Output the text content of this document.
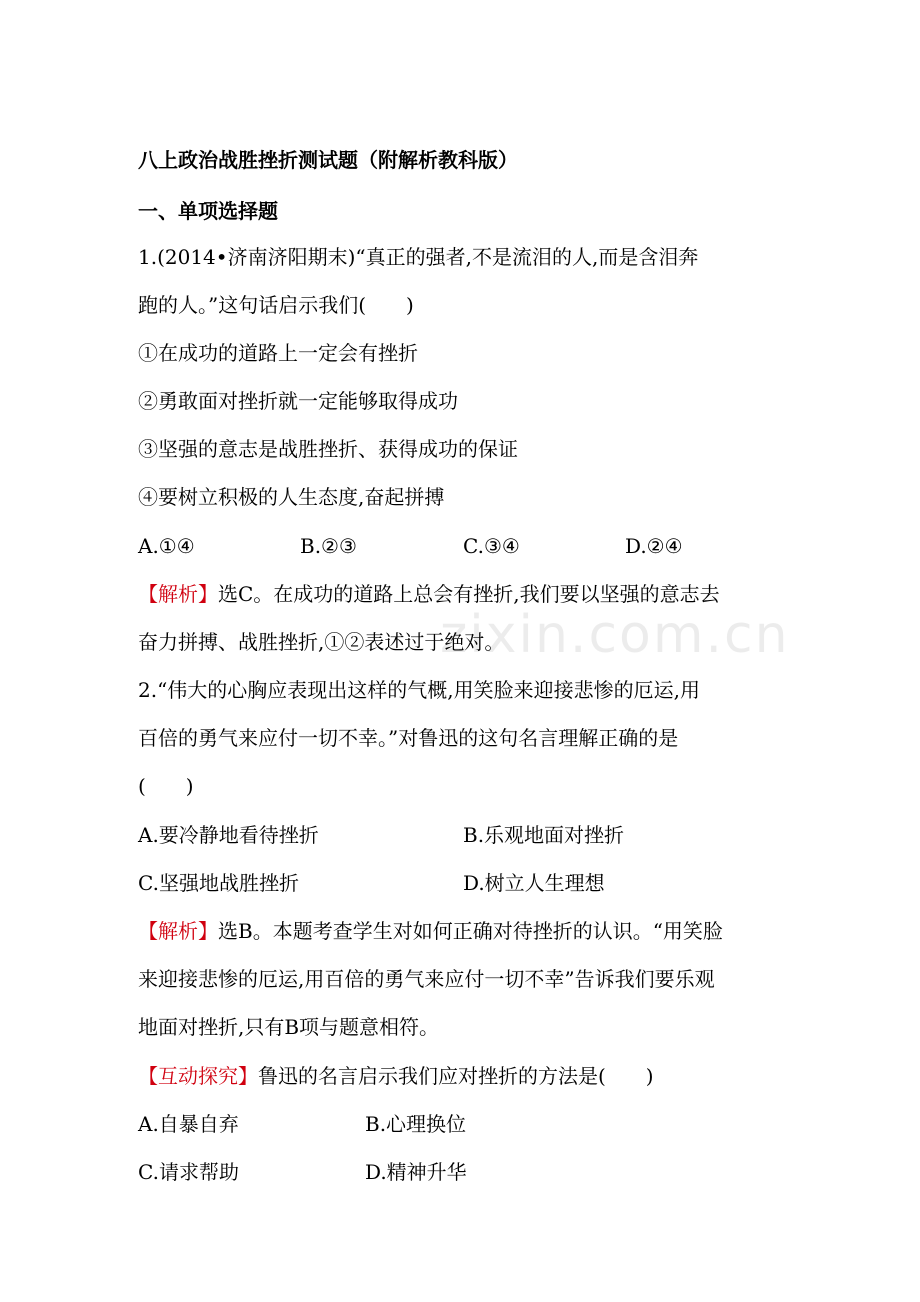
zixin.com.cn
八上政治战胜挫折测试题（附解析教科版）
一、单项选择题
1.(2014•济南济阳期末)“真正的强者,不是流泪的人,而是含泪奔
跑的人。”这句话启示我们(　　)
①在成功的道路上一定会有挫折
②勇敢面对挫折就一定能够取得成功
③坚强的意志是战胜挫折、获得成功的保证
④要树立积极的人生态度,奋起拼搏
A.①④	B.②③	C.③④	D.②④
【解析】选C。在成功的道路上总会有挫折,我们要以坚强的意志去
奋力拼搏、战胜挫折,①②表述过于绝对。
2.“伟大的心胸应表现出这样的气概,用笑脸来迎接悲惨的厄运,用
百倍的勇气来应付一切不幸。”对鲁迅的这句名言理解正确的是
(　　)
A.要冷静地看待挫折	B.乐观地面对挫折
C.坚强地战胜挫折	D.树立人生理想
【解析】选B。本题考查学生对如何正确对待挫折的认识。“用笑脸
来迎接悲惨的厄运,用百倍的勇气来应付一切不幸”告诉我们要乐观
地面对挫折,只有B项与题意相符。
【互动探究】鲁迅的名言启示我们应对挫折的方法是(　　)
A.自暴自弃	B.心理换位
C.请求帮助	D.精神升华
